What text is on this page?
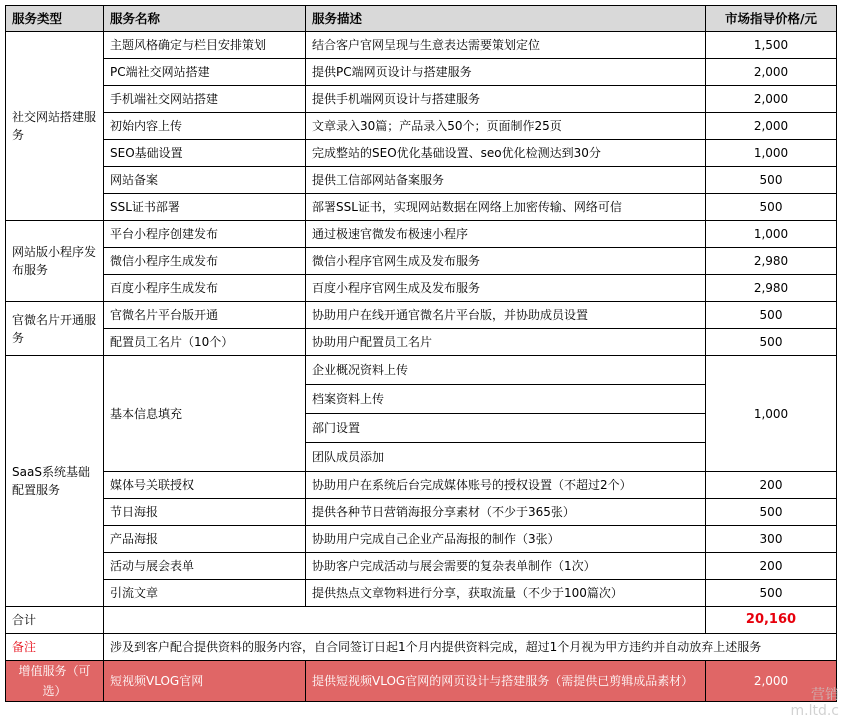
服务类型	服务名称	服务描述	市场指导价格/元
社交网站搭建服务	主题风格确定与栏目安排策划	结合客户官网呈现与生意表达需要策划定位	1,500
	PC端社交网站搭建	提供PC端网页设计与搭建服务	2,000
	手机端社交网站搭建	提供手机端网页设计与搭建服务	2,000
	初始内容上传	文章录入30篇；产品录入50个；页面制作25页	2,000
	SEO基础设置	完成整站的SEO优化基础设置、seo优化检测达到30分	1,000
	网站备案	提供工信部网站备案服务	500
	SSL证书部署	部署SSL证书，实现网站数据在网络上加密传输、网络可信	500
网站版小程序发布服务	平台小程序创建发布	通过极速官微发布极速小程序	1,000
	微信小程序生成发布	微信小程序官网生成及发布服务	2,980
	百度小程序生成发布	百度小程序官网生成及发布服务	2,980
官微名片开通服务	官微名片平台版开通	协助用户在线开通官微名片平台版，并协助成员设置	500
	配置员工名片（10个）	协助用户配置员工名片	500
SaaS系统基础配置服务	基本信息填充	企业概况资料上传	1,000
		档案资料上传	
		部门设置	
		团队成员添加	
	媒体号关联授权	协助用户在系统后台完成媒体账号的授权设置（不超过2个）	200
	节日海报	提供各种节日营销海报分享素材（不少于365张）	500
	产品海报	协助用户完成自己企业产品海报的制作（3张）	300
	活动与展会表单	协助客户完成活动与展会需要的复杂表单制作（1次）	200
	引流文章	提供热点文章物料进行分享，获取流量（不少于100篇次）	500
合计			20,160
备注	涉及到客户配合提供资料的服务内容，自合同签订日起1个月内提供资料完成，超过1个月视为甲方违约并自动放弃上述服务		
增值服务（可选）	短视频VLOG官网	提供短视频VLOG官网的网页设计与搭建服务（需提供已剪辑成品素材）	2,000
营销
m.ltd.c
